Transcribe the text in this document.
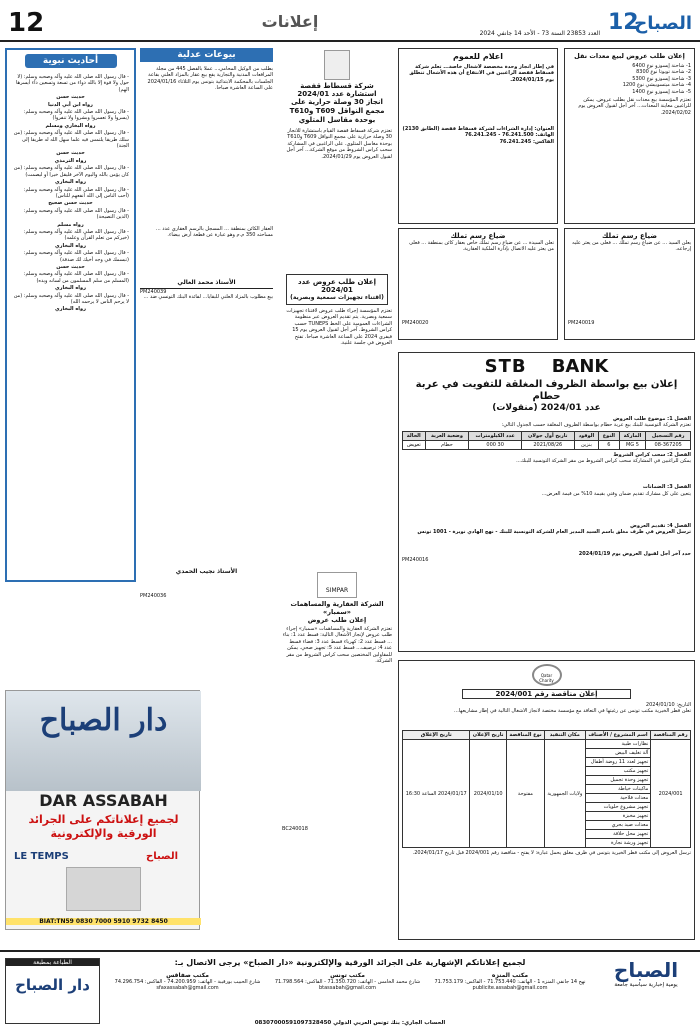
12	إعلانات
العدد 23853 السنة 73 - الأحد 14 جانفي 2024 12
الصباح
أحاديث نبوية
- قال رسول الله صلى الله عليه وآله وصحبه وسلم: (لا حول ولا قوة إلا بالله دواء من تسعة وتسعين داء أيسرها الهم)
حديث حسن
رواه ابن أبي الدنيا
- قال رسول الله صلى الله عليه وآله وصحبه وسلم: (يسروا ولا تعسروا وبشروا ولا تنفروا)
رواه البخاري ومسلم
- قال رسول الله صلى الله عليه وآله وصحبه وسلم: (من سلك طريقا يلتمس فيه علما سهل الله له طريقا إلى الجنة)
حديث حسن
رواه الترمذي
- قال رسول الله صلى الله عليه وآله وصحبه وسلم: (من كان يؤمن بالله واليوم الآخر فليقل خيرا أو ليصمت)
رواه البخاري
- قال رسول الله صلى الله عليه وآله وصحبه وسلم: (أحب الناس إلى الله أنفعهم للناس)
حديث حسن صحيح
- قال رسول الله صلى الله عليه وآله وصحبه وسلم: (الدين النصيحة)
رواه مسلم
- قال رسول الله صلى الله عليه وآله وصحبه وسلم: (خيركم من تعلم القرآن وعلمه)
رواه البخاري
- قال رسول الله صلى الله عليه وآله وصحبه وسلم: (تبسمك في وجه أخيك لك صدقة)
حديث حسن
- قال رسول الله صلى الله عليه وآله وصحبه وسلم: (المسلم من سلم المسلمون من لسانه ويده)
رواه البخاري
- قال رسول الله صلى الله عليه وآله وصحبه وسلم: (من لا يرحم الناس لا يرحمه الله)
رواه البخاري
دار الصباح
DAR ASSABAH
لجميع إعلاناتكم على الجرائد الورقية والإلكترونية
LE TEMPS	الصباح
BIAT:TN59 0830 7000 5910 9732 8450
بيوعات عدلية
بطلب من الوكيل المحامي... عملا بالفصل 445 من مجلة المرافعات المدنية والتجارية يقع بيع عقار بالمزاد العلني بقاعة الجلسات بالمحكمة الابتدائية بتونس يوم الثلاثاء 2024/01/16 على الساعة العاشرة صباحا.
العقار الكائن بمنطقة ... المسجل بالرسم العقاري عدد ... مساحته 350 م.م وهو عبارة عن قطعة أرض بيضاء.
الأستاذ محمد الغالي
PM240039
بيع مطلوب بالمزاد العلني للبقايا... لفائدة البنك التونسي ضد ...
الأستاذ نجيب الحمدي
PM240036
شركة قسطاط قفصة
استشارة عدد 2024/01
انجاز 30 وصلة حرارية على مجمع النواقل T609 وT610 بوحدة مقاسل المتلوي
تعتزم شركة فسفاط قفصة القيام باستشارة للانجاز 30 وصلة حرارية على مجمع النواقل T609 وT610 بوحدة مغاسل المتلوي. على الراغبين في المشاركة سحب كراس الشروط من موقع الشركة... آخر أجل لقبول العروض يوم 2024/01/29.
إعلان طلب عروض عدد 2024/01
(اقتناء تجهيزات سمعية وبصرية)
تعتزم المؤسسة إجراء طلب عروض لاقتناء تجهيزات سمعية وبصرية. يتم تقديم العروض عبر منظومة الشراءات العمومية على الخط TUNEPS حسب كراس الشروط. آخر أجل لقبول العروض يوم 15 فيفري 2024 على الساعة العاشرة صباحا. تفتح العروض في جلسة علنية.
SIMPAR
الشركة العقارية والمساهمات «سمبار»
إعلان طلب عروض
تعتزم الشركة العقارية والمساهمات «سمبار» إجراء طلب عروض لإنجاز الأشغال التالية: قسط عدد 1: بناء ... قسط عدد 2: كهرباء قسط عدد 3: فضاء قسط عدد 4: ترصيف... قسط عدد 5: تجهيز صحي. يمكن للمقاولين المختصين سحب كراس الشروط من مقر الشركة.
BC240018
اعلام للعموم
في إطار انجاز وحدة مخصصة لأشغال خاصة... تعلم شركة فسفاط قفصة الراغبين في الانتفاع أن هذه الأشغال تنطلق يوم 2024/01/15.
العنوان: إدارة الشراءات لشركة فسفاط قفصة (الطابق 2130)
الهاتف: 76.241.500 - 76.241.245
الفاكس: 76.241.245
ضياع رسم تملك
تعلن السيدة ... عن ضياع رسم تملك خاص بعقار كائن بمنطقة ... فعلى من يعثر عليه الاتصال بإدارة الملكية العقارية.
PM240020
إعلان طلب عروض لبيع معدات نقل
1- شاحنة إيسوزو نوع 6400
2- شاحنة تويوتا نوع 8300
3- شاحنة إيسوزو نوع 5300
4- شاحنة ميتسوبيشي نوع 1200
5- شاحنة إيسوزو نوع 1400
تعتزم المؤسسة بيع معدات نقل بطلب عروض. يمكن للراغبين معاينة المعدات... آخر أجل لقبول العروض يوم 2024/02/02.
ضياع رسم تملك
يعلن السيد ... عن ضياع رسم تملك ... فعلى من يعثر عليه إرجاعه.
PM240019
STB BANK
إعلان بيع بواسطة الظروف المغلقة للتفويت في عربة حطام
عدد 2024/01 (منقولات)
الفصل 1: موضوع طلب العروض
تعتزم الشركة التونسية للبنك بيع عربة حطام بواسطة الظروف المغلقة حسب الجدول التالي:
رقم التسجيل	الماركة	النوع	الوقود	تاريخ أول جولان	عدد الكيلومترات	وضعية العربة	الحالة
08-367205	MG 5	6	بنزين	2021/08/26	30 000	حطام	تعويض
الفصل 2: سحب كراس الشروط
يمكن للراغبين في المشاركة سحب كراس الشروط من مقر الشركة التونسية للبنك...
الفصل 3: الضمانات
يتعين على كل مشارك تقديم ضمان وقتي بقيمة 10% من قيمة العرض...
الفصل 4: تقديم العروض
ترسل العروض في ظرف مغلق باسم السيد المدير العام للشركة التونسية للبنك - نهج الهادي نويرة - 1001 تونس
حدد آخر أجل لقبول العروض يوم 2024/01/19
PM240016
Qatar Charity
إعلان مناقصة رقم 2024/001
التاريخ: 2024/01/10
تعلن قطر الخيرية مكتب تونس عن رغبتها في التعاقد مع مؤسسة مختصة لانجاز الأشغال التالية في إطار مشاريعها...
رقم المناقصة	اسم المشروع / الأصناف	مكان التنفيذ	نوع المناقصة	تاريخ الإعلان	تاريخ الإغلاق
2024/001	نظارات طبية	ولايات الجمهورية	مفتوحة	2024/01/10	2024/01/17 الساعة 16:30
	آلة تغليف البيض				
	تجهيز لعدد 11 روضة أطفال				
	تجهيز مكتب				
	تجهيز وحدة تجميل				
	ماكينات خياطة				
	معدات فلاحية				
	تجهيز مشروع حلويات				
	تجهيز مخبزة				
	معدات صيد بحري				
	تجهيز محل حلاقة				
	تجهيز ورشة نجارة				
ترسل العروض إلى مكتب قطر الخيرية بتونس في ظرف مغلق يحمل عبارة: لا يفتح - مناقصة رقم 2024/001 قبل تاريخ 2024/01/17.
الصباح
يومية إخبارية سياسية جامعة
لجميع إعلاناتكم الإشهارية على الجرائد الورقية والإلكترونية «دار الصباح» يرجى الاتصال بـ:
مكتب المنزه
نهج 14 جانفي المنزه 1 - الهاتف: 71.753.440 - الفاكس: 71.753.179
publicite.assabah@gmail.com
مكتب تونس
شارع محمد الخامس - الهاتف: 71.350.720 - الفاكس: 71.798.564
btassabah@gmail.com
مكتب صفاقس
شارع الحبيب بورقيبة - الهاتف: 74.200.959 - الفاكس: 74.296.754
sfaxassabah@gmail.com
الحساب الجاري: بنك تونس العربي الدولي 08307000591097328450
الطباعة بمطبعة
دار الصباح
